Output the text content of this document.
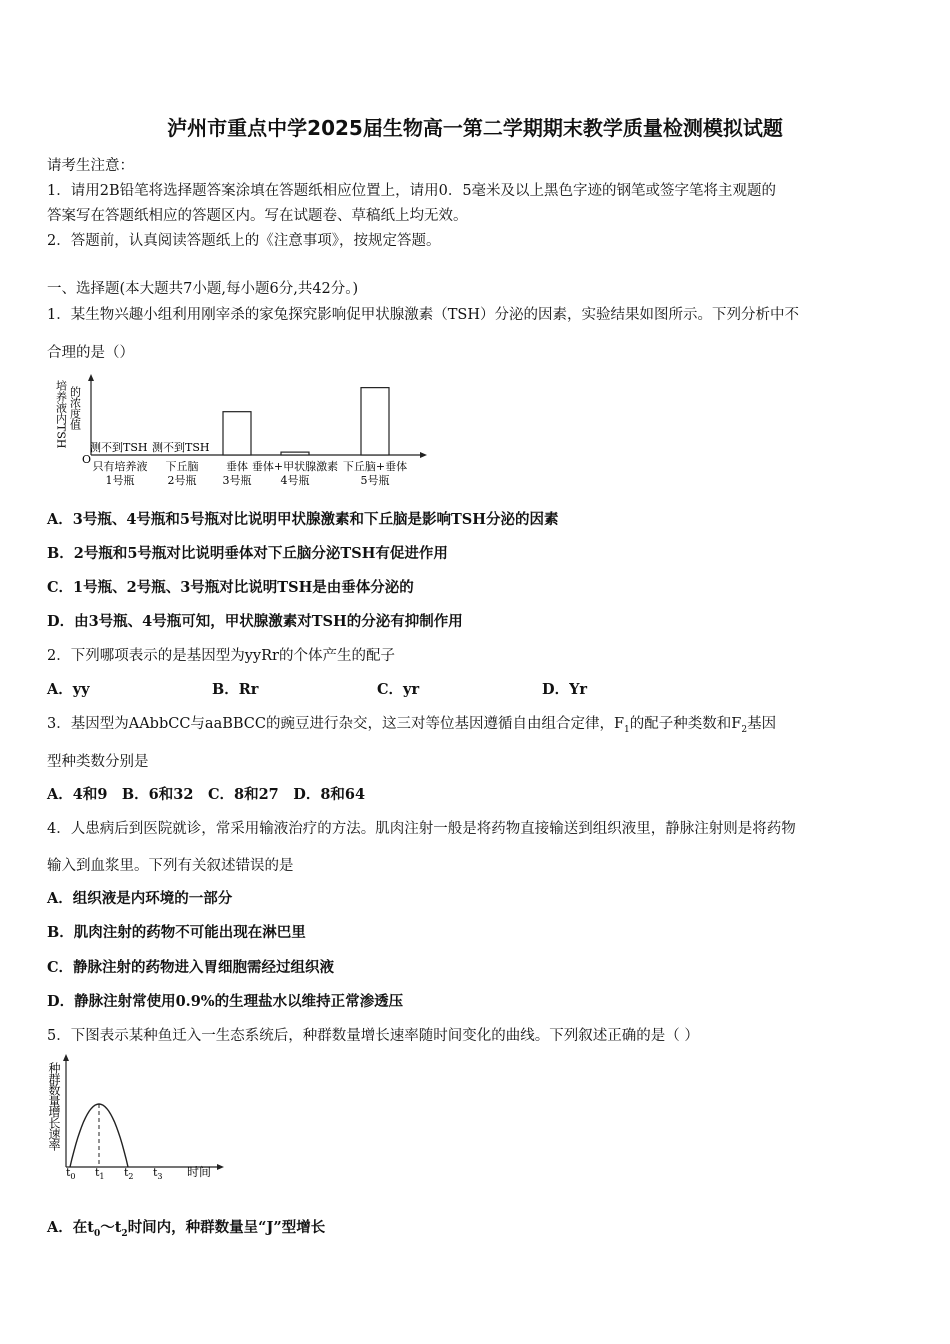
泸州市重点中学2025届生物高一第二学期期末教学质量检测模拟试题
请考生注意：
1．请用2B铅笔将选择题答案涂填在答题纸相应位置上，请用0．5毫米及以上黑色字迹的钢笔或签字笔将主观题的
答案写在答题纸相应的答题区内。写在试题卷、草稿纸上均无效。
2．答题前，认真阅读答题纸上的《注意事项》，按规定答题。
一、选择题(本大题共7小题,每小题6分,共42分。)
1．某生物兴趣小组利用刚宰杀的家兔探究影响促甲状腺激素（TSH）分泌的因素，实验结果如图所示。下列分析中不
合理的是（）
培养液内TSH 的浓度值
O
测不到TSH 测不到TSH
只有培养液
1号瓶
下丘脑
2号瓶
垂体
3号瓶
垂体+甲状腺激素
4号瓶
下丘脑+垂体
5号瓶
A．3号瓶、4号瓶和5号瓶对比说明甲状腺激素和下丘脑是影响TSH分泌的因素
B．2号瓶和5号瓶对比说明垂体对下丘脑分泌TSH有促进作用
C．1号瓶、2号瓶、3号瓶对比说明TSH是由垂体分泌的
D．由3号瓶、4号瓶可知，甲状腺激素对TSH的分泌有抑制作用
2．下列哪项表示的是基因型为yyRr的个体产生的配子
A．yy	B．Rr	C．yr	D．Yr
3．基因型为AAbbCC与aaBBCC的豌豆进行杂交，这三对等位基因遵循自由组合定律，$F_1$的配子种类数和$F_2$基因
型种类数分别是
A．4和9　B．6和32　C．8和27　D．8和64
4．人患病后到医院就诊，常采用输液治疗的方法。肌肉注射一般是将药物直接输送到组织液里，静脉注射则是将药物
输入到血浆里。下列有关叙述错误的是
A．组织液是内环境的一部分
B．肌肉注射的药物不可能出现在淋巴里
C．静脉注射的药物进入胃细胞需经过组织液
D．静脉注射常使用0.9%的生理盐水以维持正常渗透压
5．下图表示某种鱼迁入一生态系统后，种群数量增长速率随时间变化的曲线。下列叙述正确的是（ ）
种群数量增长速率
$t_0$ $t_1$ $t_2$ $t_3$ 时间
A．在$t_0\sim t_2$时间内，种群数量呈“J”型增长
